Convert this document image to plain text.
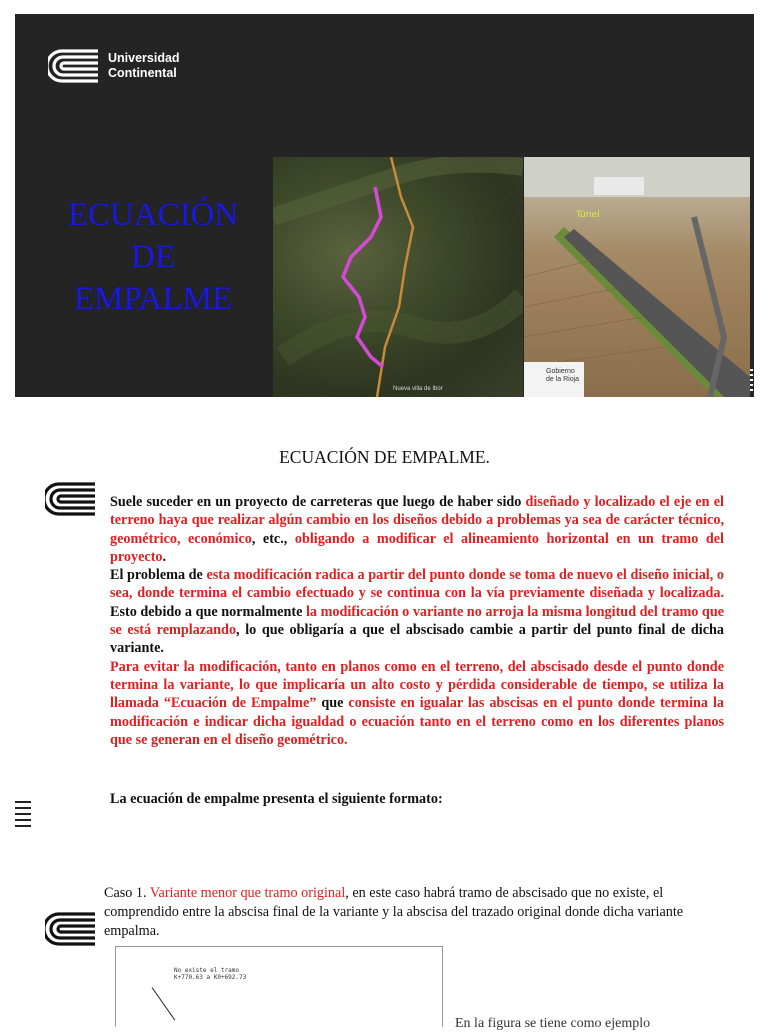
Universidad
Continental
ECUACIÓN
DE
EMPALME
Nueva villa de Ibor
Túnel
Gobierno
de la Rioja
ECUACIÓN DE EMPALME.

Suele suceder en un proyecto de carreteras que luego de haber sido diseñado y localizado el eje en el terreno haya que realizar algún cambio en los diseños debido a problemas ya sea de carácter técnico, geométrico, económico, etc., obligando a modificar el alineamiento horizontal en un tramo del proyecto.

El problema de esta modificación radica a partir del punto donde se toma de nuevo el diseño inicial, o sea, donde termina el cambio efectuado y se continua con la vía previamente diseñada y localizada. Esto debido a que normalmente la modificación o variante no arroja la misma longitud del tramo que se está remplazando, lo que obligaría a que el abscisado cambie a partir del punto final de dicha variante.

Para evitar la modificación, tanto en planos como en el terreno, del abscisado desde el punto donde termina la variante, lo que implicaría un alto costo y pérdida considerable de tiempo, se utiliza la llamada “Ecuación de Empalme” que consiste en igualar las abscisas en el punto donde termina la modificación e indicar dicha igualdad o ecuación tanto en el terreno como en los diferentes planos que se generan en el diseño geométrico.

La ecuación de empalme presenta el siguiente formato:
Caso 1. Variante menor que tramo original, en este caso habrá tramo de abscisado que no existe, el comprendido entre la abscisa final de la variante y la abscisa del trazado original donde dicha variante empalma.
No existe el tramo
K+770.63 a K0+692.73
En la figura se tiene como ejemplo
